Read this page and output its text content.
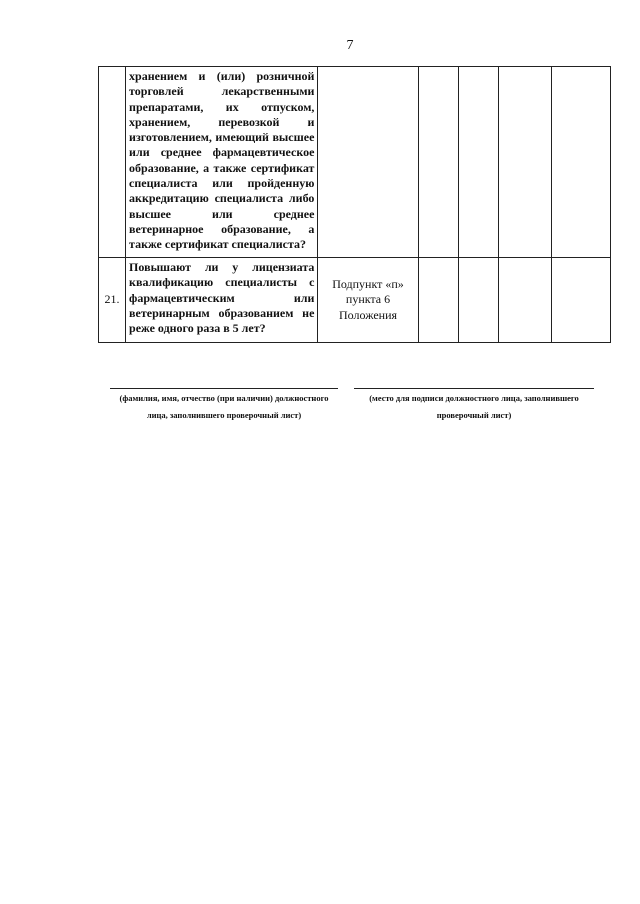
7

	хранением и (или) розничной торговлей лекарственными препаратами, их отпуском, хранением, перевозкой и изготовлением, имеющий высшее или среднее фармацевтическое образование, а также сертификат специалиста или пройденную аккредитацию специалиста либо высшее или среднее ветеринарное образование, а также сертификат специалиста?					

21.	Повышают ли у лицензиата квалификацию специалисты с фармацевтическим или ветеринарным образованием не реже одного раза в 5 лет?	Подпункт «п» пункта 6 Положения				

(фамилия, имя, отчество (при наличии) должностного
лица, заполнившего проверочный лист)
(место для подписи должностного лица, заполнившего
проверочный лист)
